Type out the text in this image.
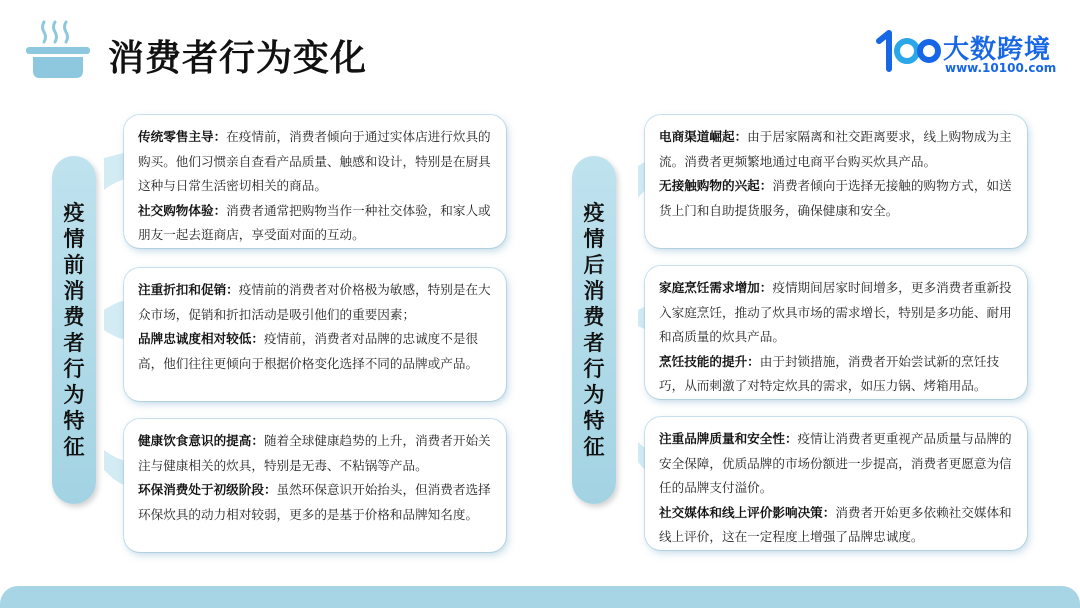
消费者行为变化	大数跨境
www.10100.com
疫
情
前
消
费
者
行
为
特
征
疫
情
后
消
费
者
行
为
特
征

传统零售主导：在疫情前，消费者倾向于通过实体店进行炊具的购买。他们习惯亲自查看产品质量、触感和设计，特别是在厨具这种与日常生活密切相关的商品。

社交购物体验：消费者通常把购物当作一种社交体验，和家人或朋友一起去逛商店，享受面对面的互动。

注重折扣和促销：疫情前的消费者对价格极为敏感，特别是在大众市场，促销和折扣活动是吸引他们的重要因素；

品牌忠诚度相对较低：疫情前，消费者对品牌的忠诚度不是很高，他们往往更倾向于根据价格变化选择不同的品牌或产品。

健康饮食意识的提高：随着全球健康趋势的上升，消费者开始关注与健康相关的炊具，特别是无毒、不粘锅等产品。

环保消费处于初级阶段：虽然环保意识开始抬头，但消费者选择环保炊具的动力相对较弱，更多的是基于价格和品牌知名度。

电商渠道崛起：由于居家隔离和社交距离要求，线上购物成为主流。消费者更频繁地通过电商平台购买炊具产品。

无接触购物的兴起：消费者倾向于选择无接触的购物方式，如送货上门和自助提货服务，确保健康和安全。

家庭烹饪需求增加：疫情期间居家时间增多，更多消费者重新投入家庭烹饪，推动了炊具市场的需求增长，特别是多功能、耐用和高质量的炊具产品。

烹饪技能的提升：由于封锁措施，消费者开始尝试新的烹饪技巧，从而刺激了对特定炊具的需求，如压力锅、烤箱用品。

注重品牌质量和安全性：疫情让消费者更重视产品质量与品牌的安全保障，优质品牌的市场份额进一步提高，消费者更愿意为信任的品牌支付溢价。

社交媒体和线上评价影响决策：消费者开始更多依赖社交媒体和线上评价，这在一定程度上增强了品牌忠诚度。
